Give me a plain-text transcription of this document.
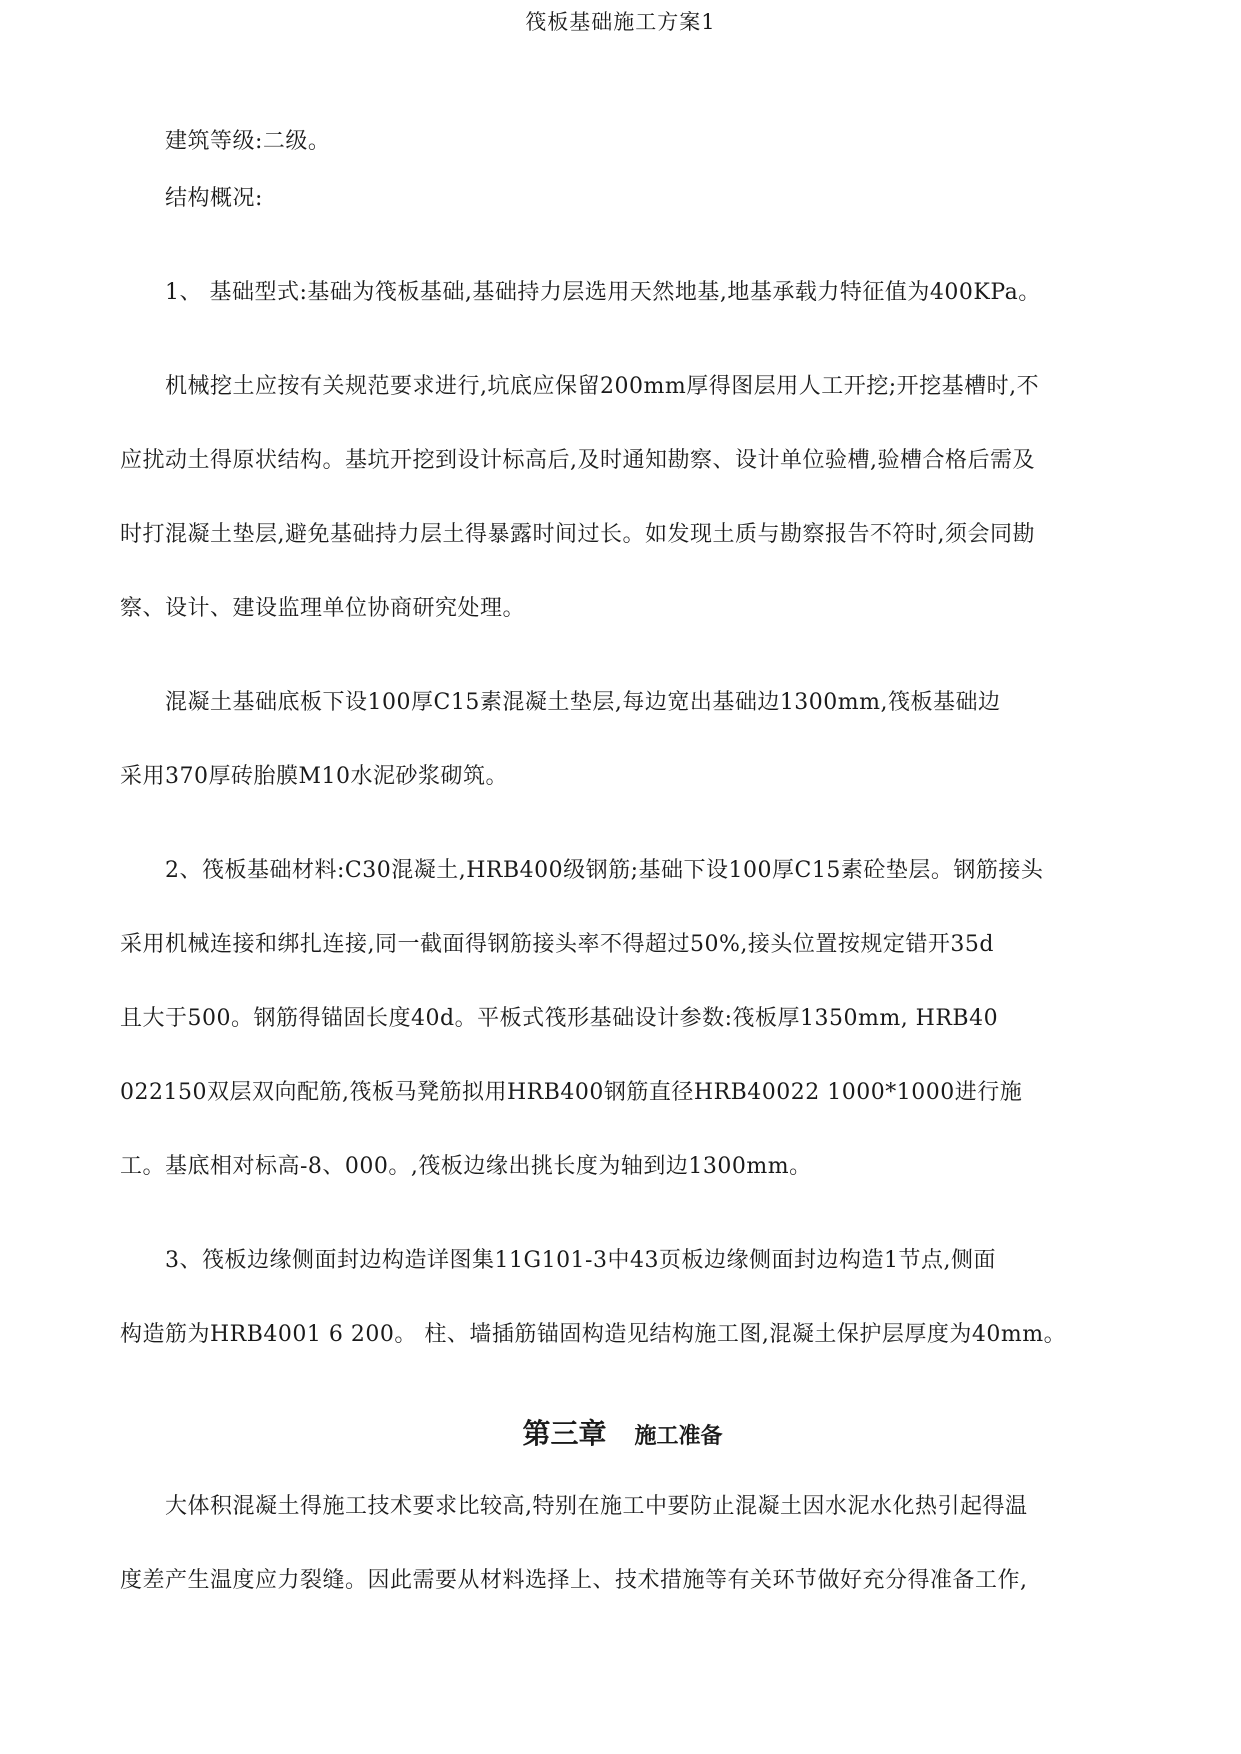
筏板基础施工方案1
建筑等级:二级。
结构概况:
1、 基础型式:基础为筏板基础,基础持力层选用天然地基,地基承载力特征值为400KPa。
机械挖土应按有关规范要求进行,坑底应保留200mm厚得图层用人工开挖;开挖基槽时,不
应扰动土得原状结构。基坑开挖到设计标高后,及时通知勘察、设计单位验槽,验槽合格后需及
时打混凝土垫层,避免基础持力层土得暴露时间过长。如发现土质与勘察报告不符时,须会同勘
察、设计、建设监理单位协商研究处理。
混凝土基础底板下设100厚C15素混凝土垫层,每边宽出基础边1300mm,筏板基础边
采用370厚砖胎膜M10水泥砂浆砌筑。
2、筏板基础材料:C30混凝土,HRB400级钢筋;基础下设100厚C15素砼垫层。钢筋接头
采用机械连接和绑扎连接,同一截面得钢筋接头率不得超过50%,接头位置按规定错开35d
且大于500。钢筋得锚固长度40d。平板式筏形基础设计参数:筏板厚1350mm, HRB40
022150双层双向配筋,筏板马凳筋拟用HRB400钢筋直径HRB40022 1000*1000进行施
工。基底相对标高-8、000。,筏板边缘出挑长度为轴到边1300mm。
3、筏板边缘侧面封边构造详图集11G101-3中43页板边缘侧面封边构造1节点,侧面
构造筋为HRB4001 6 200。 柱、墙插筋锚固构造见结构施工图,混凝土保护层厚度为40mm。
第三章 施工准备
大体积混凝土得施工技术要求比较高,特别在施工中要防止混凝土因水泥水化热引起得温
度差产生温度应力裂缝。因此需要从材料选择上、技术措施等有关环节做好充分得准备工作,
